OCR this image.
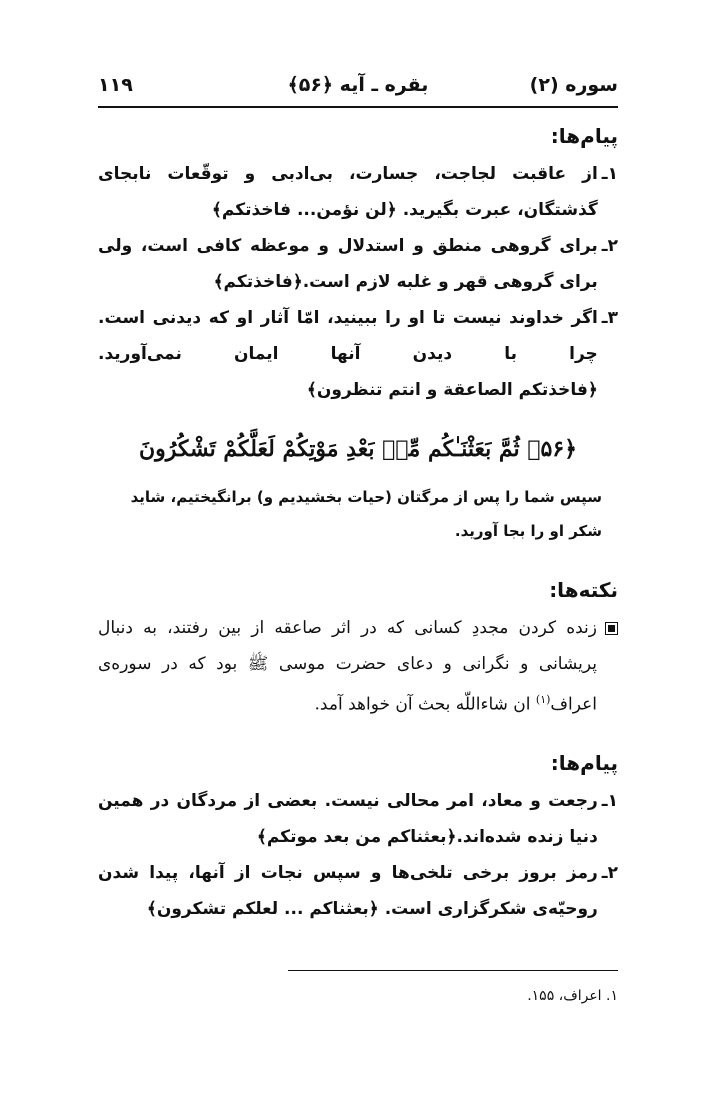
سوره (۲)
بقره ـ آیه ﴿۵۶﴾
۱۱۹
پیام‌ها:
۱ـ
از عاقبت لجاجت، جسارت، بی‌ادبی و توقّعات نابجای گذشتگان، عبرت بگیرید. ﴿لن نؤمن... فاخذتکم﴾
۲ـ
برای گروهی منطق و استدلال و موعظه کافی است، ولی برای گروهی قهر و غلبه لازم است.﴿فاخذتکم﴾
۳ـ
اگر خداوند نیست تا او را ببینید، امّا آثار او که دیدنی است. چرا با دیدن آنها ایمان نمی‌آورید. ﴿فاخذتکم الصاعقة و انتم تنظرون﴾
﴿۵۶﴾ ثُمَّ بَعَثْنَـٰكُم مِّنۢ بَعْدِ مَوْتِكُمْ لَعَلَّكُمْ تَشْكُرُونَ
سپس شما را پس از مرگتان (حیات بخشیدیم و) برانگیختیم، شاید شکر او را بجا آورید.
نکته‌ها:
زنده کردن مجددِ کسانی که در اثر صاعقه از بین رفتند، به دنبال پریشانی و نگرانی و دعای حضرت موسی ﷺ بود که در سوره‌ی اعراف$^{(۱)}$ ان شاءاللّه بحث آن خواهد آمد.
پیام‌ها:
۱ـ
رجعت و معاد، امر محالی نیست. بعضی از مردگان در همین دنیا زنده شده‌اند.﴿بعثناکم من بعد موتکم﴾
۲ـ
رمز بروز برخی تلخی‌ها و سپس نجات از آنها، پیدا شدن روحیّه‌ی شکرگزاری است. ﴿بعثناکم ... لعلکم تشکرون﴾
۱. اعراف، ۱۵۵.
